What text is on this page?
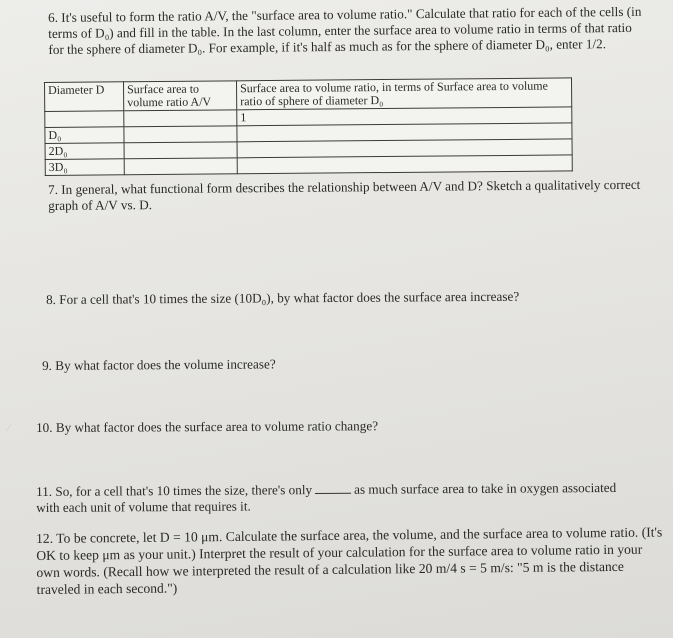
6. It's useful to form the ratio A/V, the "surface area to volume ratio." Calculate that ratio for each of the cells (in terms of D₀) and fill in the table. In the last column, enter the surface area to volume ratio in terms of that ratio for the sphere of diameter D₀. For example, if it's half as much as for the sphere of diameter D₀, enter 1/2.
Diameter D	Surface area to volume ratio A/V	Surface area to volume ratio, in terms of Surface area to volume ratio of sphere of diameter D₀
		1
D₀		
2D₀		
3D₀		
7. In general, what functional form describes the relationship between A/V and D? Sketch a qualitatively correct graph of A/V vs. D.
8. For a cell that's 10 times the size (10D₀), by what factor does the surface area increase?
9. By what factor does the volume increase?
⁄	10. By what factor does the surface area to volume ratio change?
11. So, for a cell that's 10 times the size, there's only	as much surface area to take in oxygen associated with each unit of volume that requires it.
12. To be concrete, let D = 10 μm. Calculate the surface area, the volume, and the surface area to volume ratio. (It's OK to keep μm as your unit.) Interpret the result of your calculation for the surface area to volume ratio in your own words. (Recall how we interpreted the result of a calculation like 20 m/4 s = 5 m/s: "5 m is the distance traveled in each second.")
